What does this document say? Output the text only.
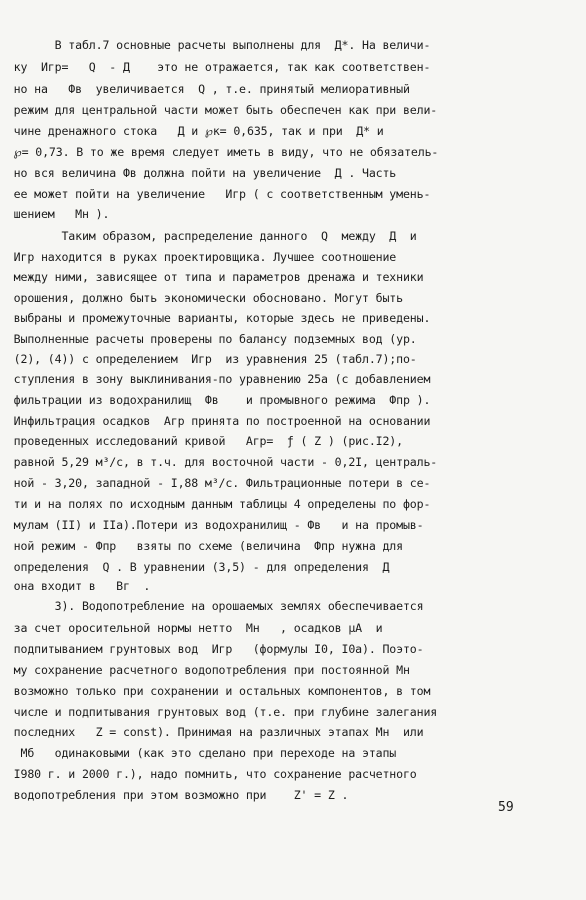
В табл.7 основные расчеты выполнены для  Д*. На величи-
ку  Игр=   Q  - Д    это не отражается, так как соответствен-
но на   Фв  увеличивается  Q , т.е. принятый мелиоративный
режим для центральной части может быть обеспечен как при вели-
чине дренажного стока   Д и ℘к= 0,635, так и при  Д* и
℘= 0,73. В то же время следует иметь в виду, что не обязатель-
но вся величина Фв должна пойти на увеличение  Д . Часть
ее может пойти на увеличение   Игр ( с соответственным умень-
шением   Мн ).
Таким образом, распределение данного  Q  между  Д  и
Игр находится в руках проектировщика. Лучшее соотношение
между ними, зависящее от типа и параметров дренажа и техники
орошения, должно быть экономически обосновано. Могут быть
выбраны и промежуточные варианты, которые здесь не приведены.
Выполненные расчеты проверены по балансу подземных вод (ур.
(2), (4)) с определением  Игр  из уравнения 25 (табл.7);по-
ступления в зону выклинивания-по уравнению 25а (с добавлением
фильтрации из водохранилищ  Фв    и промывного режима  Фпр ).
Инфильтрация осадков  Агр принята по построенной на основании
проведенных исследований кривой   Агр=  ƒ ( Z ) (рис.I2),
равной 5,29 м³/с, в т.ч. для восточной части - 0,2I, централь-
ной - 3,20, западной - I,88 м³/с. Фильтрационные потери в се-
ти и на полях по исходным данным таблицы 4 определены по фор-
мулам (II) и IIa).Потери из водохранилищ - Фв   и на промыв-
ной режим - Фпр   взяты по схеме (величина  Фпр нужна для
определения  Q . В уравнении (3,5) - для определения  Д
она входит в   Вг  .
3). Водопотребление на орошаемых землях обеспечивается
за счет оросительной нормы нетто  Мн   , осадков μА  и
подпитыванием грунтовых вод  Игр   (формулы I0, I0a). Поэто-
му сохранение расчетного водопотребления при постоянной Мн
возможно только при сохранении и остальных компонентов, в том
числе и подпитывания грунтовых вод (т.е. при глубине залегания
последних   Z = const). Принимая на различных этапах Мн  или
Мб   одинаковыми (как это сделано при переходе на этапы
I980 г. и 2000 г.), надо помнить, что сохранение расчетного
водопотребления при этом возможно при    Z' = Z .
59
